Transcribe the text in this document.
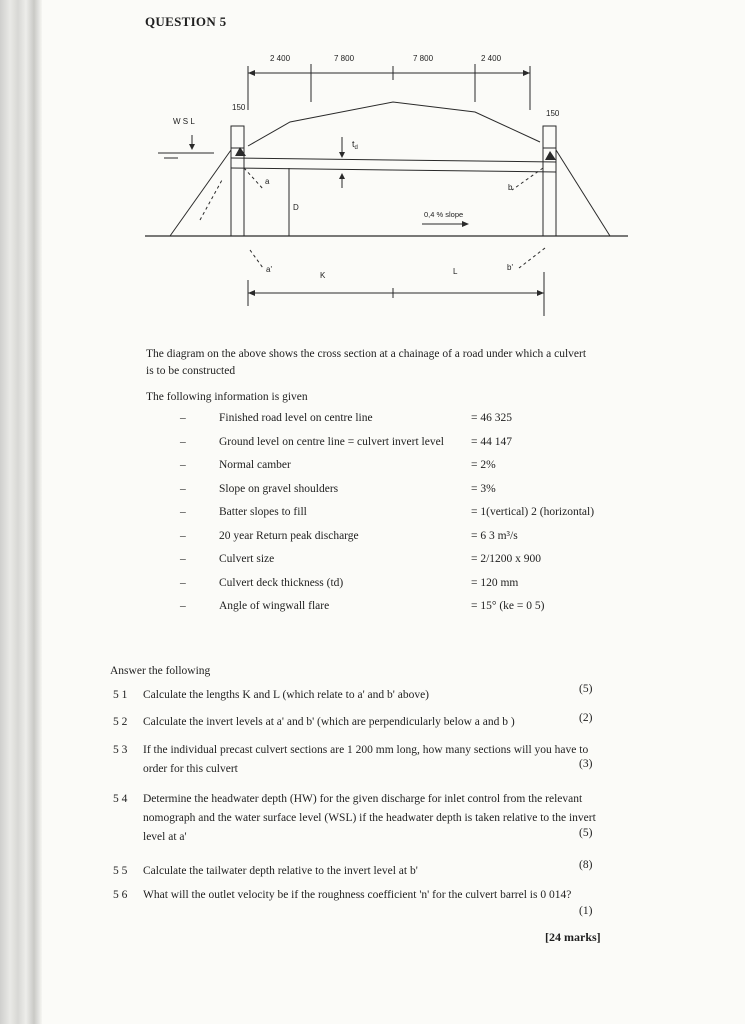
QUESTION 5
2 400	7 800	7 800	2 400
150
150
W S L
$t_d$
a
D
b
0,4 % slope
a'
K	L	b'
The diagram on the above shows the cross section at a chainage of a road under which a culvert
is to be constructed
The following information is given
–	Finished road level on centre line	= 46 325
–	Ground level on centre line = culvert invert level = 44 147
–	Normal camber	= 2%
–	Slope on gravel shoulders	= 3%
–	Batter slopes to fill	= 1(vertical) 2 (horizontal)
–	20 year Return peak discharge	= 6 3 m³/s
–	Culvert size	= 2/1200 x 900
–	Culvert deck thickness (td)	= 120 mm
–	Angle of wingwall flare	= 15° (ke = 0 5)
Answer the following
5 1 Calculate the lengths K and L (which relate to a' and b' above)	(5)
5 2 Calculate the invert levels at a' and b' (which are perpendicularly below a and b )	(2)
5 3 If the individual precast culvert sections are 1 200 mm long, how many sections will you have to order for this culvert	(3)
5 4 Determine the headwater depth (HW) for the given discharge for inlet control from the relevant nomograph and the water surface level (WSL) if the headwater depth is taken relative to the invert level at a'	(5)
5 5 Calculate the tailwater depth relative to the invert level at b'	(8)
5 6 What will the outlet velocity be if the roughness coefficient 'n' for the culvert barrel is 0 014?
(1)
[24 marks]
